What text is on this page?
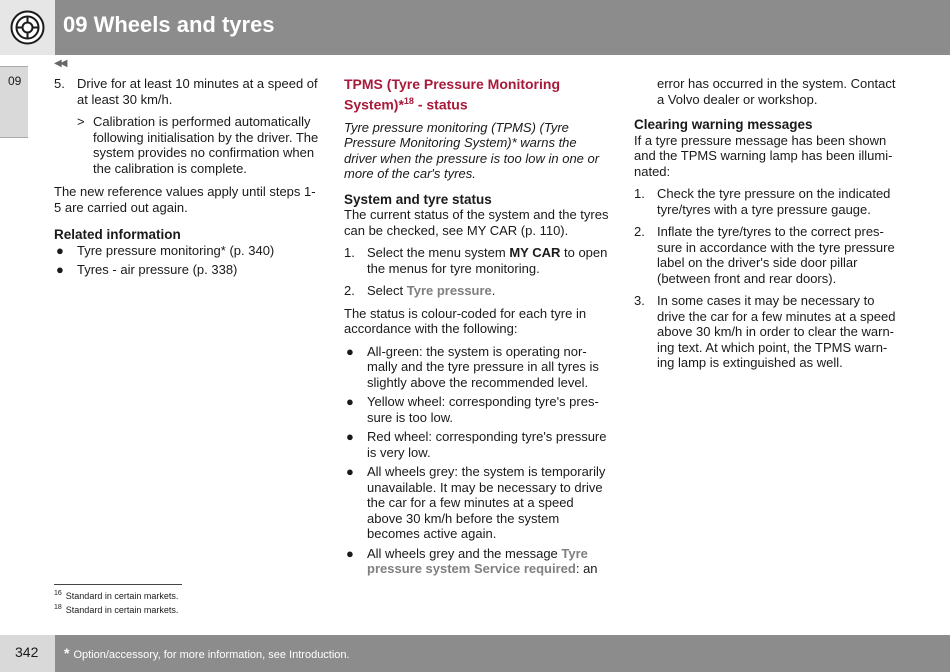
09 Wheels and tyres
09
◀◀
5. Drive for at least 10 minutes at a speed of at least 30 km/h.
> Calibration is performed automatically following initialisation by the driver. The system provides no confirmation when the calibration is complete.

The new reference values apply until steps 1-5 are carried out again.

Related information
● Tyre pressure monitoring* (p. 340)
● Tyres - air pressure (p. 338)
TPMS (Tyre Pressure Monitoring System)*$^{18}$ - status

Tyre pressure monitoring (TPMS) (Tyre Pressure Monitoring System)* warns the driver when the pressure is too low in one or more of the car's tyres.

System and tyre status

The current status of the system and the tyres can be checked, see MY CAR (p. 110).

1. Select the menu system MY CAR to open the menus for tyre monitoring.
2. Select Tyre pressure.

The status is colour-coded for each tyre in accordance with the following:

● All-green: the system is operating nor-mally and the tyre pressure in all tyres is slightly above the recommended level.
● Yellow wheel: corresponding tyre's pres-sure is too low.
● Red wheel: corresponding tyre's pressure is very low.
● All wheels grey: the system is temporarily unavailable. It may be necessary to drive the car for a few minutes at a speed above 30 km/h before the system becomes active again.
● All wheels grey and the message Tyre pressure system Service required: an

error has occurred in the system. Contact a Volvo dealer or workshop.

Clearing warning messages

If a tyre pressure message has been shown and the TPMS warning lamp has been illumi-nated:

1. Check the tyre pressure on the indicated tyre/tyres with a tyre pressure gauge.
2. Inflate the tyre/tyres to the correct pres-sure in accordance with the tyre pressure label on the driver's side door pillar (between front and rear doors).
3. In some cases it may be necessary to drive the car for a few minutes at a speed above 30 km/h in order to clear the warn-ing text. At which point, the TPMS warn-ing lamp is extinguished as well.
$^{16}$ Standard in certain markets.
$^{18}$ Standard in certain markets.
342 * Option/accessory, for more information, see Introduction.
